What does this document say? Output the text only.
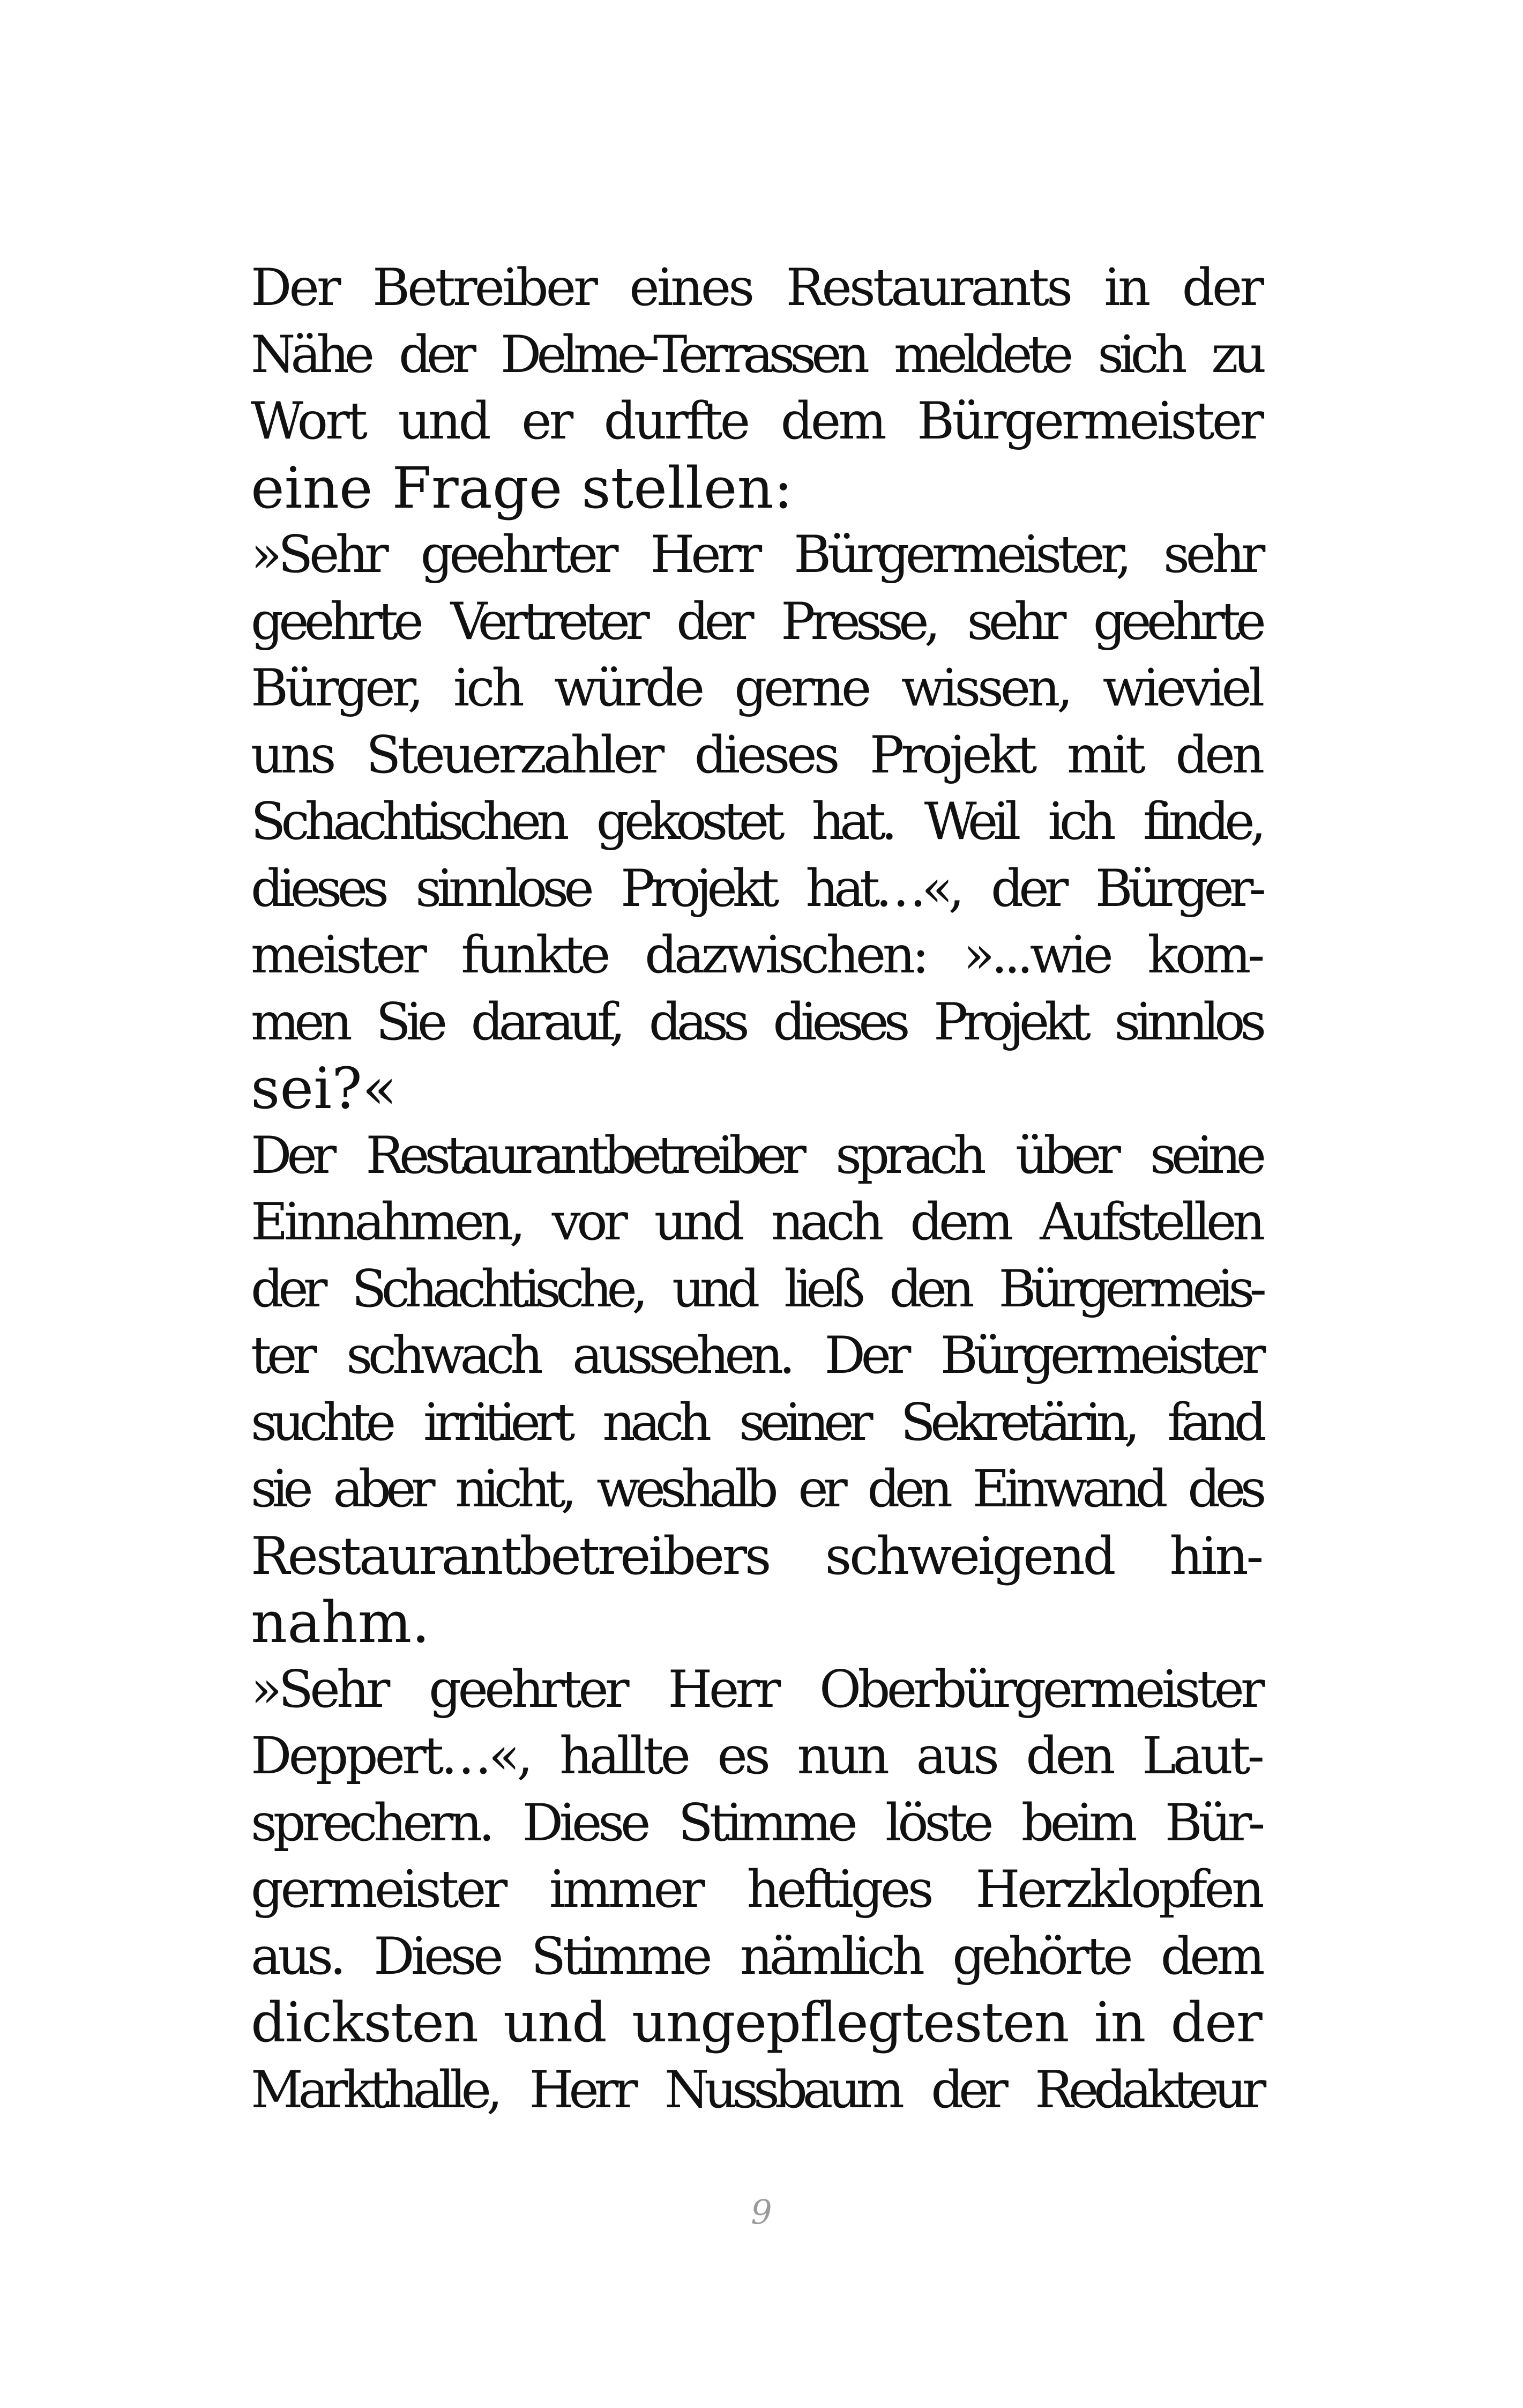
Der Betreiber eines Restaurants in der
Nähe der Delme-Terrassen meldete sich zu
Wort und er durfte dem Bürgermeister
eine Frage stellen:
»Sehr geehrter Herr Bürgermeister, sehr
geehrte Vertreter der Presse, sehr geehrte
Bürger, ich würde gerne wissen, wieviel
uns Steuerzahler dieses Projekt mit den
Schachtischen gekostet hat. Weil ich finde,
dieses sinnlose Projekt hat…«, der Bürger-
meister funkte dazwischen: »...wie kom-
men Sie darauf, dass dieses Projekt sinnlos
sei?«
Der Restaurantbetreiber sprach über seine
Einnahmen, vor und nach dem Aufstellen
der Schachtische, und ließ den Bürgermeis-
ter schwach aussehen. Der Bürgermeister
suchte irritiert nach seiner Sekretärin, fand
sie aber nicht, weshalb er den Einwand des
Restaurantbetreibers schweigend hin-
nahm.
»Sehr geehrter Herr Oberbürgermeister
Deppert…«, hallte es nun aus den Laut-
sprechern. Diese Stimme löste beim Bür-
germeister immer heftiges Herzklopfen
aus. Diese Stimme nämlich gehörte dem
dicksten und ungepflegtesten in der
Markthalle, Herr Nussbaum der Redakteur
9
